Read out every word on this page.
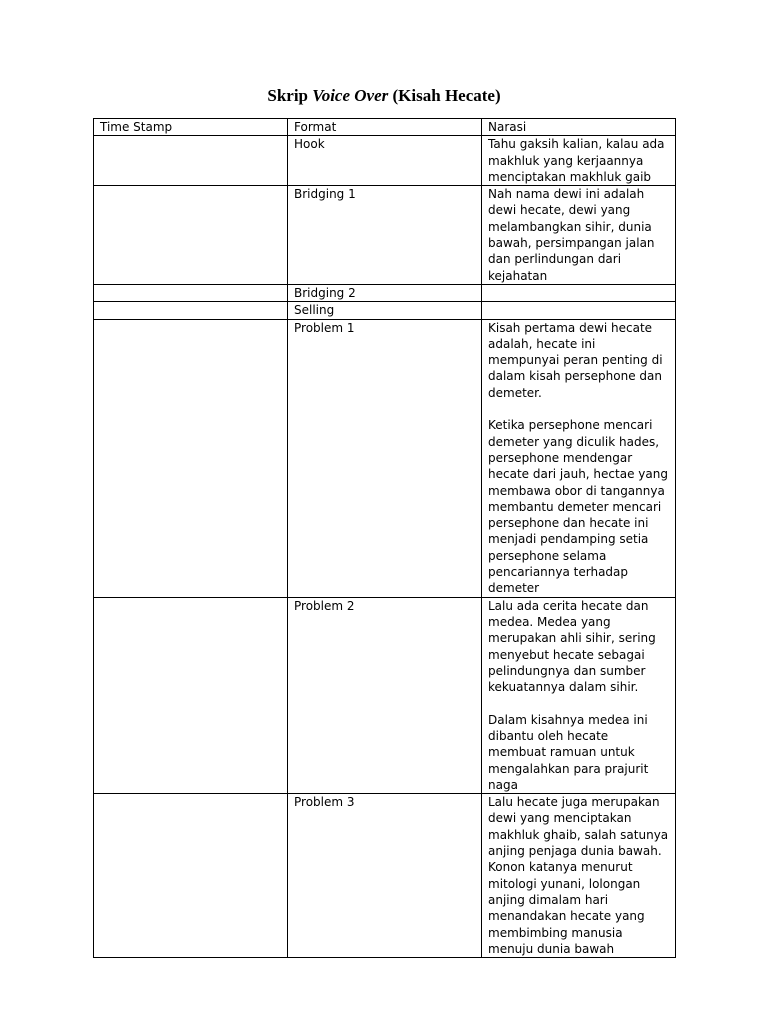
Skrip Voice Over (Kisah Hecate)
Time Stamp	Format	Narasi
	Hook	Tahu gaksih kalian, kalau ada makhluk yang kerjaannya menciptakan makhluk gaib

	Bridging 1	Nah nama dewi ini adalah dewi hecate, dewi yang melambangkan sihir, dunia bawah, persimpangan jalan dan perlindungan dari kejahatan

	Bridging 2	
	Selling	
	Problem 1	Kisah pertama dewi hecate adalah, hecate ini mempunyai peran penting di dalam kisah persephone dan demeter.

Ketika persephone mencari demeter yang diculik hades, persephone mendengar hecate dari jauh, hectae yang membawa obor di tangannya membantu demeter mencari persephone dan hecate ini menjadi pendamping setia persephone selama pencariannya terhadap demeter

	Problem 2	Lalu ada cerita hecate dan medea. Medea yang merupakan ahli sihir, sering menyebut hecate sebagai pelindungnya dan sumber kekuatannya dalam sihir.

Dalam kisahnya medea ini dibantu oleh hecate membuat ramuan untuk mengalahkan para prajurit naga

	Problem 3	Lalu hecate juga merupakan dewi yang menciptakan makhluk ghaib, salah satunya anjing penjaga dunia bawah. Konon katanya menurut mitologi yunani, lolongan anjing dimalam hari menandakan hecate yang membimbing manusia menuju dunia bawah
